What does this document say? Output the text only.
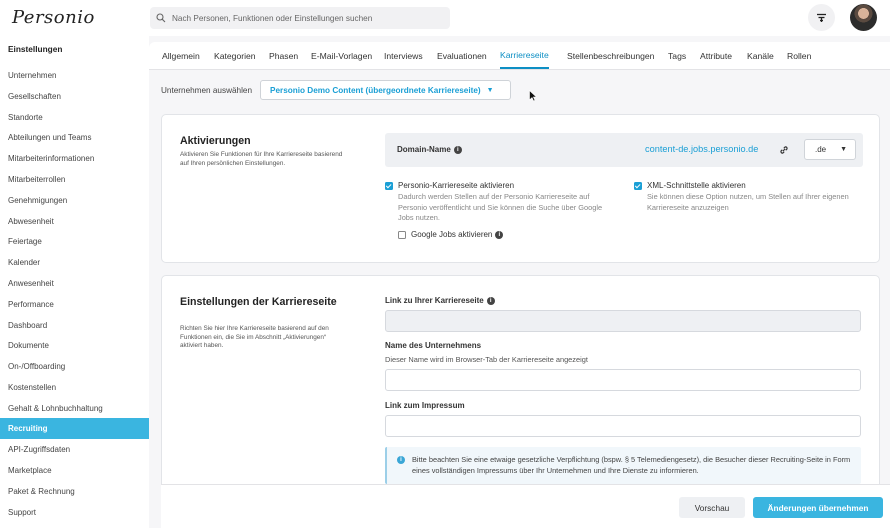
Personio
Nach Personen, Funktionen oder Einstellungen suchen
Einstellungen
Unternehmen
Gesellschaften
Standorte
Abteilungen und Teams
Mitarbeiterinformationen
Mitarbeiterrollen
Genehmigungen
Abwesenheit
Feiertage
Kalender
Anwesenheit
Performance
Dashboard
Dokumente
On-/Offboarding
Kostenstellen
Gehalt & Lohnbuchhaltung
Recruiting
API-Zugriffsdaten
Marketplace
Paket & Rechnung
Support
Allgemein Kategorien Phasen E-Mail-Vorlagen Interviews Evaluationen Karriereseite Stellenbeschreibungen Tags Attribute Kanäle Rollen
Unternehmen auswählen Personio Demo Content (übergeordnete Karriereseite) ▼
Aktivierungen
Aktivieren Sie Funktionen für Ihre Karriereseite basierend auf Ihren persönlichen Einstellungen.
Domain-Name i	content-de.jobs.personio.de	.de ▼
Personio-Karriereseite aktivieren
Dadurch werden Stellen auf der Personio Karriereseite auf Personio veröffentlicht und Sie können die Suche über Google Jobs nutzen.
Google Jobs aktivieren i
XML-Schnittstelle aktivieren
Sie können diese Option nutzen, um Stellen auf Ihrer eigenen Karriereseite anzuzeigen
Einstellungen der Karriereseite
Richten Sie hier Ihre Karriereseite basierend auf den Funktionen ein, die Sie im Abschnitt „Aktivierungen“ aktiviert haben.
Link zu Ihrer Karriereseite i
Name des Unternehmens
Dieser Name wird im Browser-Tab der Karriereseite angezeigt
Link zum Impressum
i	Bitte beachten Sie eine etwaige gesetzliche Verpflichtung (bspw. § 5 Telemediengesetz), die Besucher dieser Recruiting-Seite in Form eines vollständigen Impressums über Ihr Unternehmen und Ihre Dienste zu informieren.
Vorschau	Änderungen übernehmen
